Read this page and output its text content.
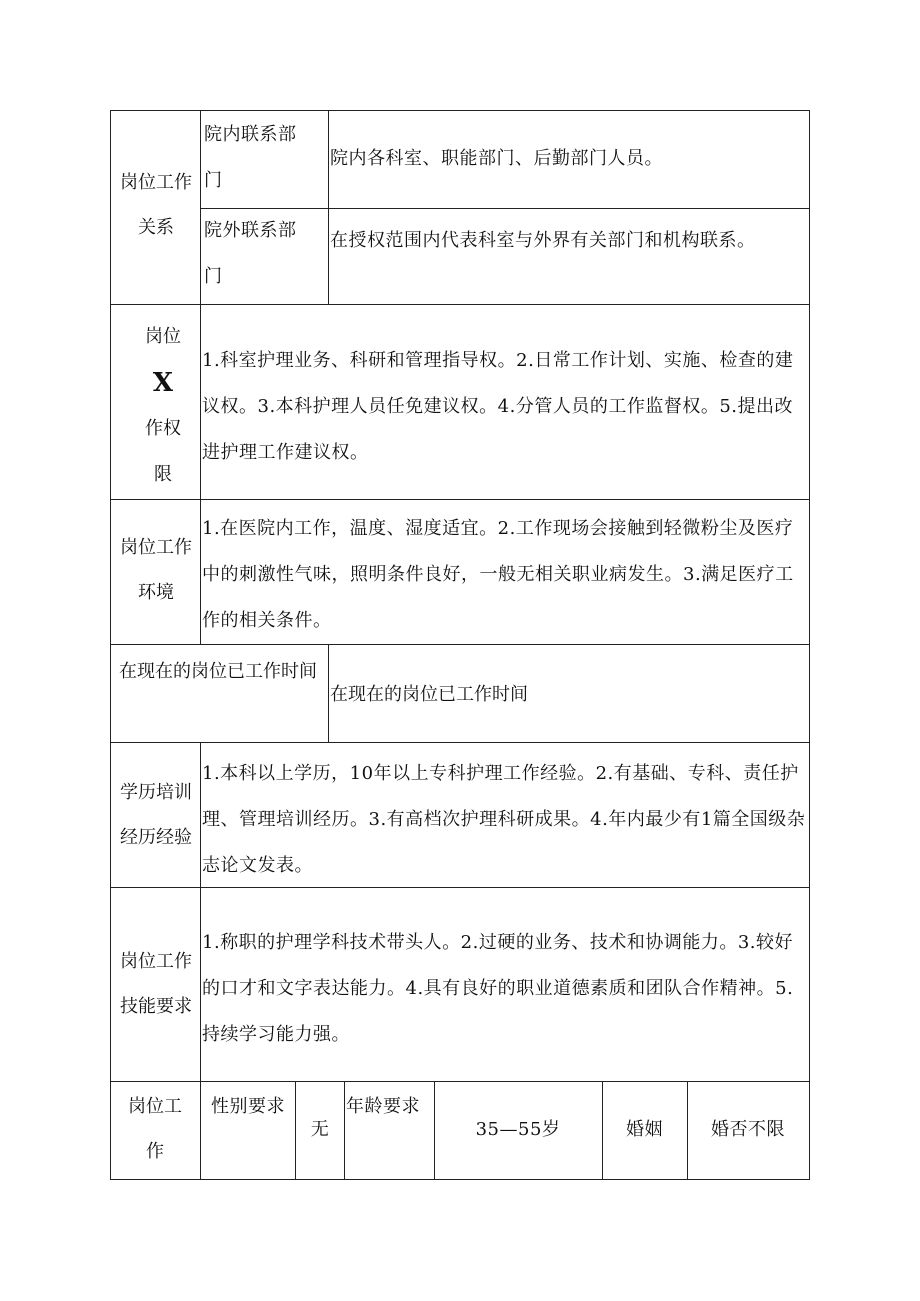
岗位工作关系
院内联系部门
院内各科室、职能部门、后勤部门人员。
院外联系部门
在授权范围内代表科室与外界有关部门和机构联系。
岗位
X
作权限
1.科室护理业务、科研和管理指导权。2.日常工作计划、实施、检查的建议权。3.本科护理人员任免建议权。4.分管人员的工作监督权。5.提出改进护理工作建议权。
岗位工作环境
1.在医院内工作，温度、湿度适宜。2.工作现场会接触到轻微粉尘及医疗中的刺激性气味，照明条件良好，一般无相关职业病发生。3.满足医疗工作的相关条件。
在现在的岗位已工作时间
在现在的岗位已工作时间
学历培训经历经验
1.本科以上学历，10年以上专科护理工作经验。2.有基础、专科、责任护理、管理培训经历。3.有高档次护理科研成果。4.年内最少有1篇全国级杂志论文发表。
岗位工作技能要求
1.称职的护理学科技术带头人。2.过硬的业务、技术和协调能力。3.较好的口才和文字表达能力。4.具有良好的职业道德素质和团队合作精神。5.持续学习能力强。
岗位工作
性别要求
无
年龄要求
35—55岁	婚姻	婚否不限
